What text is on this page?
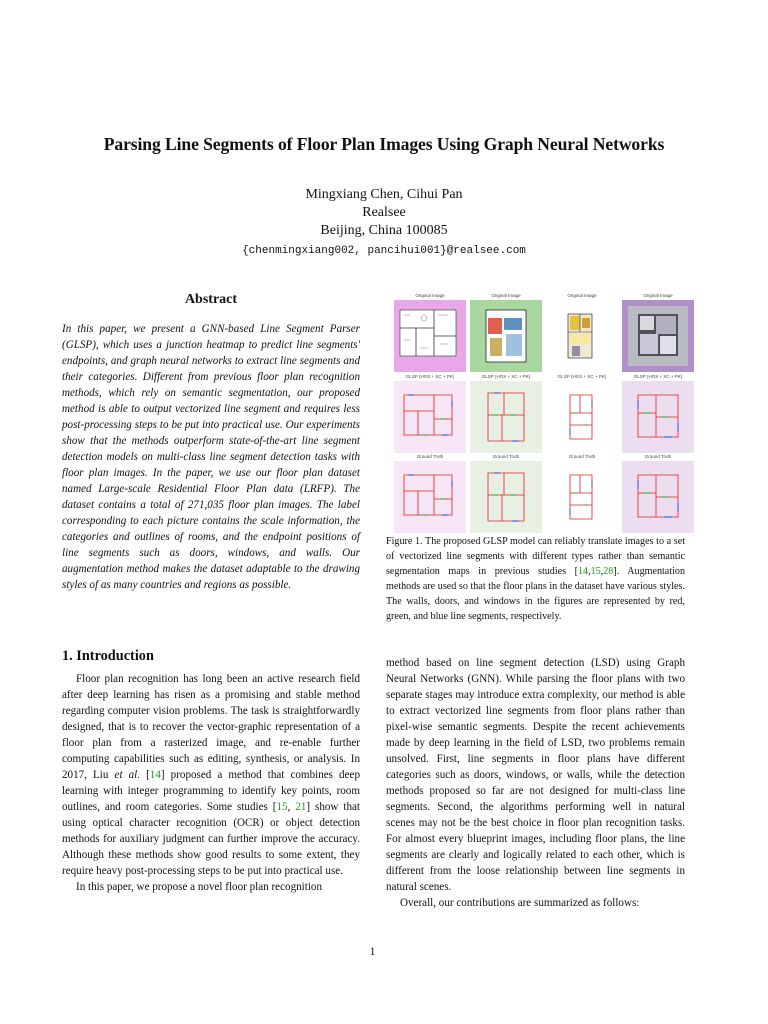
Parsing Line Segments of Floor Plan Images Using Graph Neural Networks
Mingxiang Chen, Cihui Pan
Realsee
Beijing, China 100085
{chenmingxiang002, pancihui001}@realsee.com
Abstract
In this paper, we present a GNN-based Line Segment Parser (GLSP), which uses a junction heatmap to predict line segments' endpoints, and graph neural networks to extract line segments and their categories. Different from previous floor plan recognition methods, which rely on semantic segmentation, our proposed method is able to output vectorized line segment and requires less post-processing steps to be put into practical use. Our experiments show that the methods outperform state-of-the-art line segment detection models on multi-class line segment detection tasks with floor plan images. In the paper, we use our floor plan dataset named Large-scale Residential Floor Plan data (LRFP). The dataset contains a total of 271,035 floor plan images. The label corresponding to each picture contains the scale information, the categories and outlines of rooms, and the endpoint positions of line segments such as doors, windows, and walls. Our augmentation method makes the dataset adaptable to the drawing styles of as many countries and regions as possible.
Original Image	Original Image	Original Image	Original Image
GLSP (HGS + SC + PK)	GLSP (HGS + SC + PK)	GLSP (HGS + SC + PK)	GLSP (HGS + SC + PK)
Ground Truth	Ground Truth	Ground Truth	Ground Truth
Figure 1. The proposed GLSP model can reliably translate images to a set of vectorized line segments with different types rather than semantic segmentation maps in previous studies [14,15,28]. Augmentation methods are used so that the floor plans in the dataset have various styles. The walls, doors, and windows in the figures are represented by red, green, and blue line segments, respectively.
1. Introduction

Floor plan recognition has long been an active research field after deep learning has risen as a promising and stable method regarding computer vision problems. The task is straightforwardly designed, that is to recover the vector-graphic representation of a floor plan from a rasterized image, and re-enable further computing capabilities such as editing, synthesis, or analysis. In 2017, Liu et al. [14] proposed a method that combines deep learning with integer programming to identify key points, room outlines, and room categories. Some studies [15, 21] show that using optical character recognition (OCR) or object detection methods for auxiliary judgment can further improve the accuracy. Although these methods show good results to some extent, they require heavy post-processing steps to be put into practical use.

In this paper, we propose a novel floor plan recognition

method based on line segment detection (LSD) using Graph Neural Networks (GNN). While parsing the floor plans with two separate stages may introduce extra complexity, our method is able to extract vectorized line segments from floor plans rather than pixel-wise semantic segments. Despite the recent achievements made by deep learning in the field of LSD, two problems remain unsolved. First, line segments in floor plans have different categories such as doors, windows, or walls, while the detection methods proposed so far are not designed for multi-class line segments. Second, the algorithms performing well in natural scenes may not be the best choice in floor plan recognition tasks. For almost every blueprint images, including floor plans, the line segments are clearly and logically related to each other, which is different from the loose relationship between line segments in natural scenes.

Overall, our contributions are summarized as follows:

1
